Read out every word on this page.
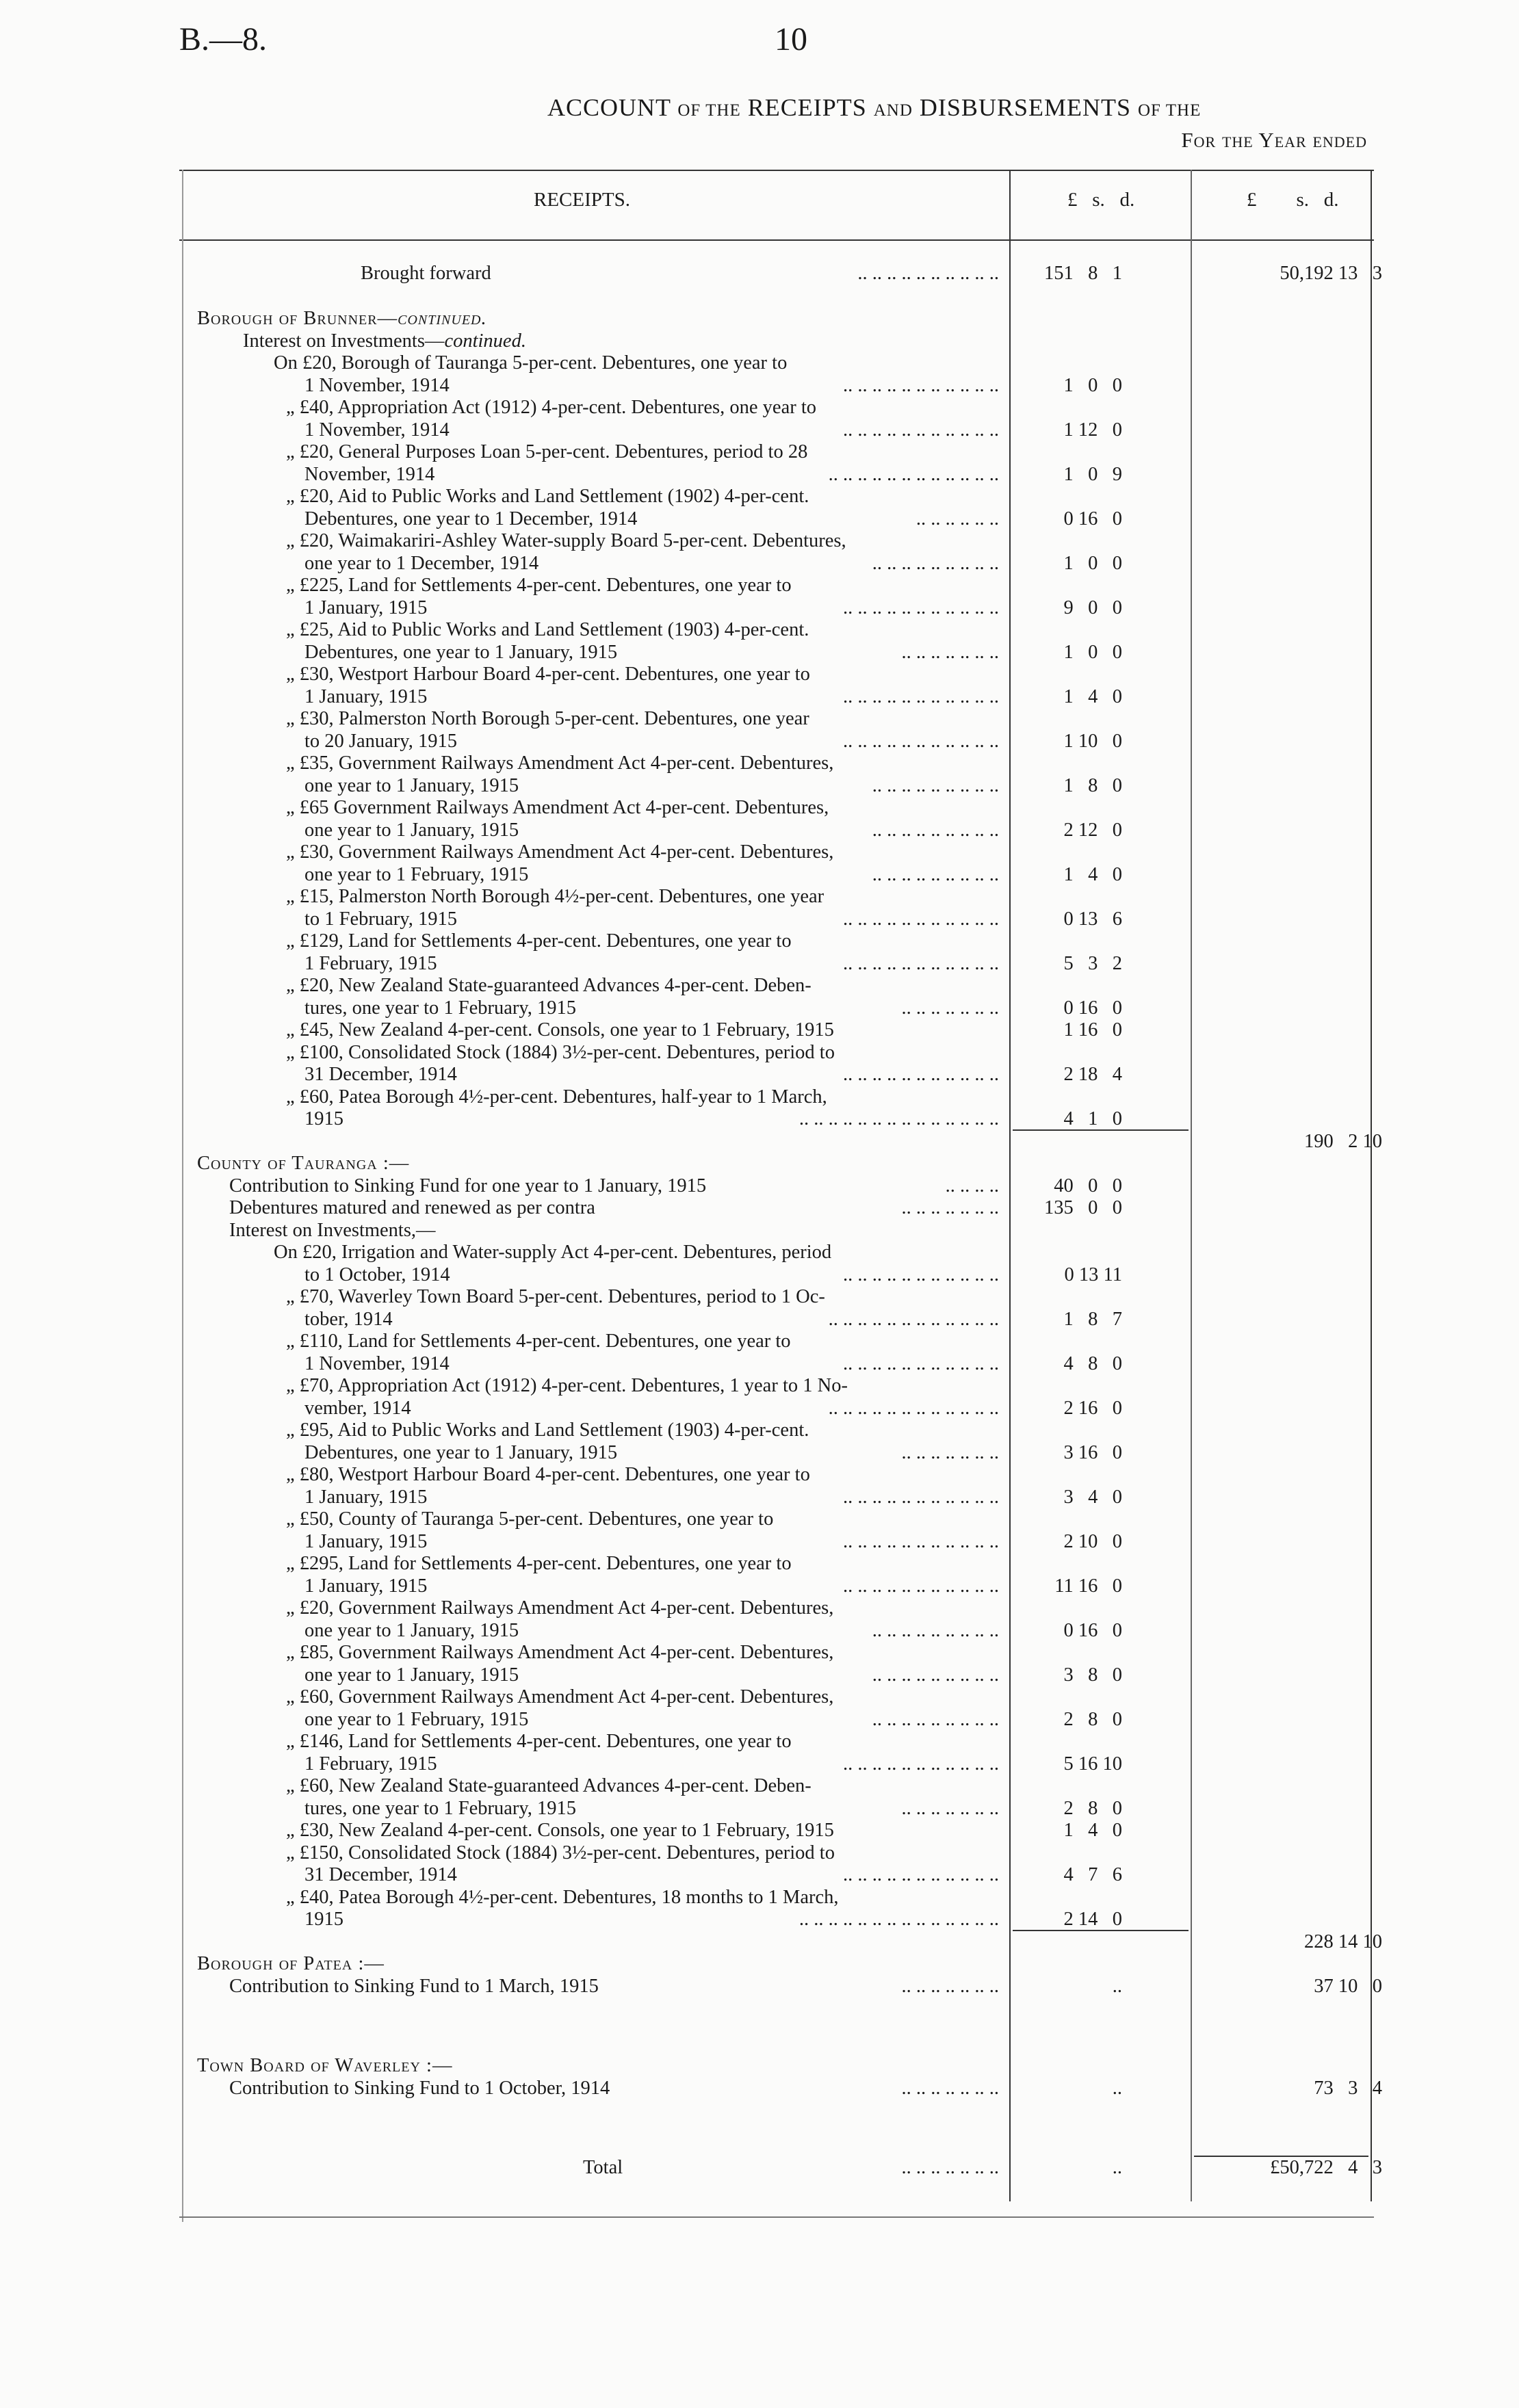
B.—8.	10
ACCOUNT OF THE RECEIPTS AND DISBURSEMENTS OF THE
For the Year ended
RECEIPTS.	£   s.   d.	£        s.   d.
Brought forward	.. .. .. .. .. .. .. .. .. .. 151   8   1	50,192 13   3
Borough of Brunner—continued.
Interest on Investments—continued.
On £20, Borough of Tauranga 5-per-cent. Debentures, one year to
1 November, 1914	.. .. .. .. .. .. .. .. .. .. ..	1   0   0
„ £40, Appropriation Act (1912) 4-per-cent. Debentures, one year to
1 November, 1914	.. .. .. .. .. .. .. .. .. .. ..	1 12   0
„ £20, General Purposes Loan 5-per-cent. Debentures, period to 28
November, 1914	.. .. .. .. .. .. .. .. .. .. .. ..	1   0   9
„ £20, Aid to Public Works and Land Settlement (1902) 4-per-cent.
Debentures, one year to 1 December, 1914	.. .. .. .. .. ..	0 16   0
„ £20, Waimakariri-Ashley Water-supply Board 5-per-cent. Debentures,
one year to 1 December, 1914	.. .. .. .. .. .. .. .. ..	1   0   0
„ £225, Land for Settlements 4-per-cent. Debentures, one year to
1 January, 1915	.. .. .. .. .. .. .. .. .. .. ..	9   0   0
„ £25, Aid to Public Works and Land Settlement (1903) 4-per-cent.
Debentures, one year to 1 January, 1915	.. .. .. .. .. .. ..	1   0   0
„ £30, Westport Harbour Board 4-per-cent. Debentures, one year to
1 January, 1915	.. .. .. .. .. .. .. .. .. .. ..	1   4   0
„ £30, Palmerston North Borough 5-per-cent. Debentures, one year
to 20 January, 1915	.. .. .. .. .. .. .. .. .. .. ..	1 10   0
„ £35, Government Railways Amendment Act 4-per-cent. Debentures,
one year to 1 January, 1915	.. .. .. .. .. .. .. .. ..	1   8   0
„ £65 Government Railways Amendment Act 4-per-cent. Debentures,
one year to 1 January, 1915	.. .. .. .. .. .. .. .. ..	2 12   0
„ £30, Government Railways Amendment Act 4-per-cent. Debentures,
one year to 1 February, 1915	.. .. .. .. .. .. .. .. ..	1   4   0
„ £15, Palmerston North Borough 4½-per-cent. Debentures, one year
to 1 February, 1915	.. .. .. .. .. .. .. .. .. .. ..	0 13   6
„ £129, Land for Settlements 4-per-cent. Debentures, one year to
1 February, 1915	.. .. .. .. .. .. .. .. .. .. ..	5   3   2
„ £20, New Zealand State-guaranteed Advances 4-per-cent. Deben-
tures, one year to 1 February, 1915	.. .. .. .. .. .. ..	0 16   0
„ £45, New Zealand 4-per-cent. Consols, one year to 1 February, 1915	1 16   0
„ £100, Consolidated Stock (1884) 3½-per-cent. Debentures, period to
31 December, 1914	.. .. .. .. .. .. .. .. .. .. ..	2 18   4
„ £60, Patea Borough 4½-per-cent. Debentures, half-year to 1 March,
1915	.. .. .. .. .. .. .. .. .. .. .. .. .. ..	4   1   0
190   2 10
County of Tauranga :—
Contribution to Sinking Fund for one year to 1 January, 1915	.. .. .. ..	40   0   0
Debentures matured and renewed as per contra	.. .. .. .. .. .. .. 135   0   0
Interest on Investments,—
On £20, Irrigation and Water-supply Act 4-per-cent. Debentures, period
to 1 October, 1914	.. .. .. .. .. .. .. .. .. .. ..	0 13 11
„ £70, Waverley Town Board 5-per-cent. Debentures, period to 1 Oc-
tober, 1914	.. .. .. .. .. .. .. .. .. .. .. ..	1   8   7
„ £110, Land for Settlements 4-per-cent. Debentures, one year to
1 November, 1914	.. .. .. .. .. .. .. .. .. .. ..	4   8   0
„ £70, Appropriation Act (1912) 4-per-cent. Debentures, 1 year to 1 No-
vember, 1914	.. .. .. .. .. .. .. .. .. .. .. ..	2 16   0
„ £95, Aid to Public Works and Land Settlement (1903) 4-per-cent.
Debentures, one year to 1 January, 1915	.. .. .. .. .. .. ..	3 16   0
„ £80, Westport Harbour Board 4-per-cent. Debentures, one year to
1 January, 1915	.. .. .. .. .. .. .. .. .. .. ..	3   4   0
„ £50, County of Tauranga 5-per-cent. Debentures, one year to
1 January, 1915	.. .. .. .. .. .. .. .. .. .. ..	2 10   0
„ £295, Land for Settlements 4-per-cent. Debentures, one year to
1 January, 1915	.. .. .. .. .. .. .. .. .. .. ..	11 16   0
„ £20, Government Railways Amendment Act 4-per-cent. Debentures,
one year to 1 January, 1915	.. .. .. .. .. .. .. .. ..	0 16   0
„ £85, Government Railways Amendment Act 4-per-cent. Debentures,
one year to 1 January, 1915	.. .. .. .. .. .. .. .. ..	3   8   0
„ £60, Government Railways Amendment Act 4-per-cent. Debentures,
one year to 1 February, 1915	.. .. .. .. .. .. .. .. ..	2   8   0
„ £146, Land for Settlements 4-per-cent. Debentures, one year to
1 February, 1915	.. .. .. .. .. .. .. .. .. .. ..	5 16 10
„ £60, New Zealand State-guaranteed Advances 4-per-cent. Deben-
tures, one year to 1 February, 1915	.. .. .. .. .. .. ..	2   8   0
„ £30, New Zealand 4-per-cent. Consols, one year to 1 February, 1915	1   4   0
„ £150, Consolidated Stock (1884) 3½-per-cent. Debentures, period to
31 December, 1914	.. .. .. .. .. .. .. .. .. .. ..	4   7   6
„ £40, Patea Borough 4½-per-cent. Debentures, 18 months to 1 March,
1915	.. .. .. .. .. .. .. .. .. .. .. .. .. ..	2 14   0
228 14 10
Borough of Patea :—
Contribution to Sinking Fund to 1 March, 1915	.. .. .. .. .. .. ..	..	37 10   0
Town Board of Waverley :—
Contribution to Sinking Fund to 1 October, 1914	.. .. .. .. .. .. ..	..	73   3   4
Total	.. .. .. .. .. .. ..	..	£50,722   4   3
